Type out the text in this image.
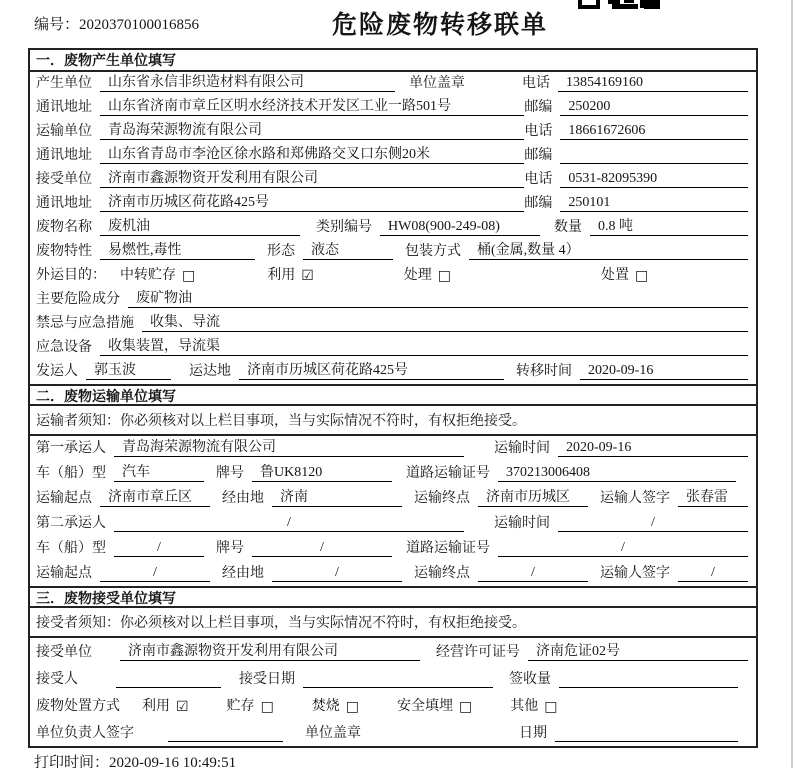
编号：2020370100016856	危险废物转移联单
一．废物产生单位填写
产生单位	山东省永信非织造材料有限公司	单位盖章	电话	13854169160
通讯地址	山东省济南市章丘区明水经济技术开发区工业一路501号	邮编	250200
运输单位	青岛海荣源物流有限公司	电话	18661672606
通讯地址	山东省青岛市李沧区徐水路和郑佛路交叉口东侧20米	邮编
接受单位	济南市鑫源物资开发利用有限公司	电话	0531-82095390
通讯地址	济南市历城区荷花路425号	邮编	250101
废物名称	废机油	类别编号	HW08(900-249-08)	数量	0.8 吨
废物特性	易燃性,毒性	形态	液态	包装方式	桶(金属,数量 4）
外运目的： 中转贮存 □	利用 ☑	处理 □	处置 □
主要危险成分	废矿物油
禁忌与应急措施	收集、导流
应急设备	收集装置，导流渠
发运人	郭玉波	运达地	济南市历城区荷花路425号	转移时间	2020-09-16
二．废物运输单位填写
运输者须知：你必须核对以上栏目事项，当与实际情况不符时，有权拒绝接受。
第一承运人	青岛海荣源物流有限公司	运输时间	2020-09-16
车（船）型	汽车	牌号	鲁UK8120	道路运输证号	370213006408
运输起点	济南市章丘区	经由地	济南	运输终点	济南市历城区	运输人签字	张春雷
第二承运人	/	运输时间	/
车（船）型	/	牌号	/	道路运输证号	/
运输起点	/	经由地	/	运输终点	/	运输人签字	/
三．废物接受单位填写
接受者须知：你必须核对以上栏目事项，当与实际情况不符时，有权拒绝接受。
接受单位	济南市鑫源物资开发利用有限公司	经营许可证号	济南危证02号
接受人	接受日期	签收量
废物处置方式 利用 ☑	贮存 □	焚烧 □	安全填埋 □	其他 □
单位负责人签字	单位盖章	日期
打印时间：2020-09-16 10:49:51
